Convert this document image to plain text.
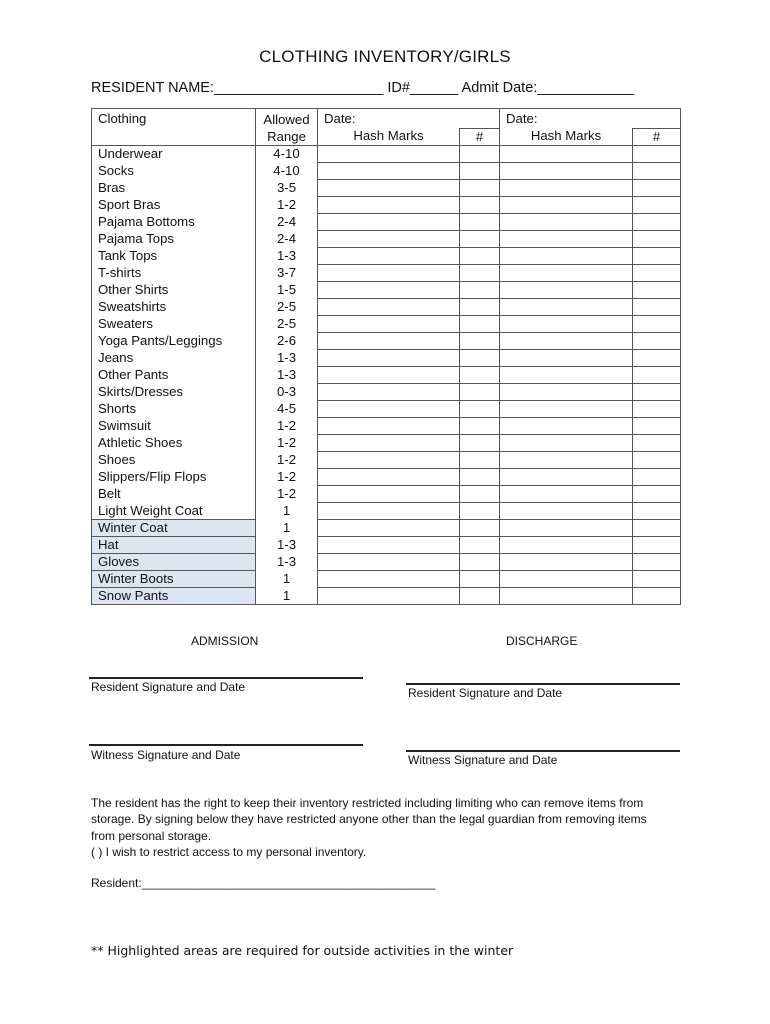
CLOTHING INVENTORY/GIRLS
RESIDENT NAME:_____________________ ID#______ Admit Date:____________
Clothing	Allowed Range	Date:		Date:	
		Hash Marks	#	Hash Marks	#
Underwear	4-10				
Socks	4-10				
Bras	3-5				
Sport Bras	1-2				
Pajama Bottoms	2-4				
Pajama Tops	2-4				
Tank Tops	1-3				
T-shirts	3-7				
Other Shirts	1-5				
Sweatshirts	2-5				
Sweaters	2-5				
Yoga Pants/Leggings	2-6				
Jeans	1-3				
Other Pants	1-3				
Skirts/Dresses	0-3				
Shorts	4-5				
Swimsuit	1-2				
Athletic Shoes	1-2				
Shoes	1-2				
Slippers/Flip Flops	1-2				
Belt	1-2				
Light Weight Coat	1				
Winter Coat	1				
Hat	1-3				
Gloves	1-3				
Winter Boots	1				
Snow Pants	1				
ADMISSION	DISCHARGE
Resident Signature and Date	Resident Signature and Date
Witness Signature and Date	Witness Signature and Date

The resident has the right to keep their inventory restricted including limiting who can remove items from

storage. By signing below they have restricted anyone other than the legal guardian from removing items

from personal storage.

( ) I wish to restrict access to my personal inventory.

Resident:____________________________________________
** Highlighted areas are required for outside activities in the winter
